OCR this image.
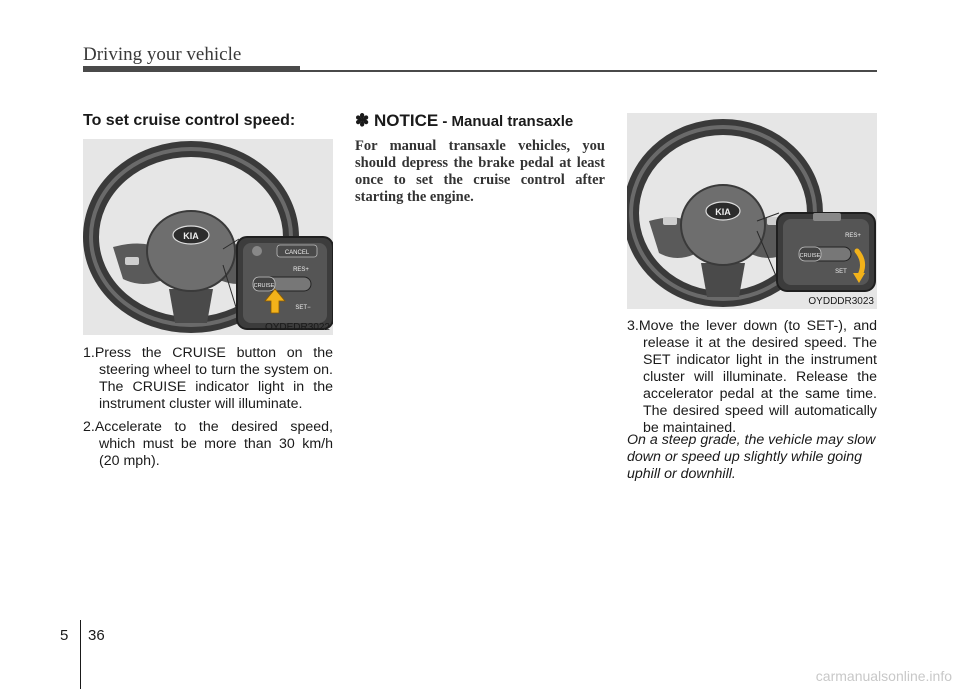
Driving your vehicle
To set cruise control speed:
KIA
CANCEL
RES+
CRUISE
SET−
OYDEDR3022

1.Press the CRUISE button on the steering wheel to turn the system on. The CRUISE indicator light in the instrument cluster will illuminate.

2.Accelerate to the desired speed, which must be more than 30 km/h (20 mph).

✽ NOTICE - Manual transaxle
For manual transaxle vehicles, you should depress the brake pedal at least once to set the cruise control after starting the engine.
KIA
RES+
CRUISE
SET
OYDDDR3023

3.Move the lever down (to SET-), and release it at the desired speed. The SET indicator light in the instrument cluster will illuminate. Release the accelerator pedal at the same time. The desired speed will automatically be maintained.

On a steep grade, the vehicle may slow down or speed up slightly while going uphill or downhill.
5 36
carmanualsonline.info
